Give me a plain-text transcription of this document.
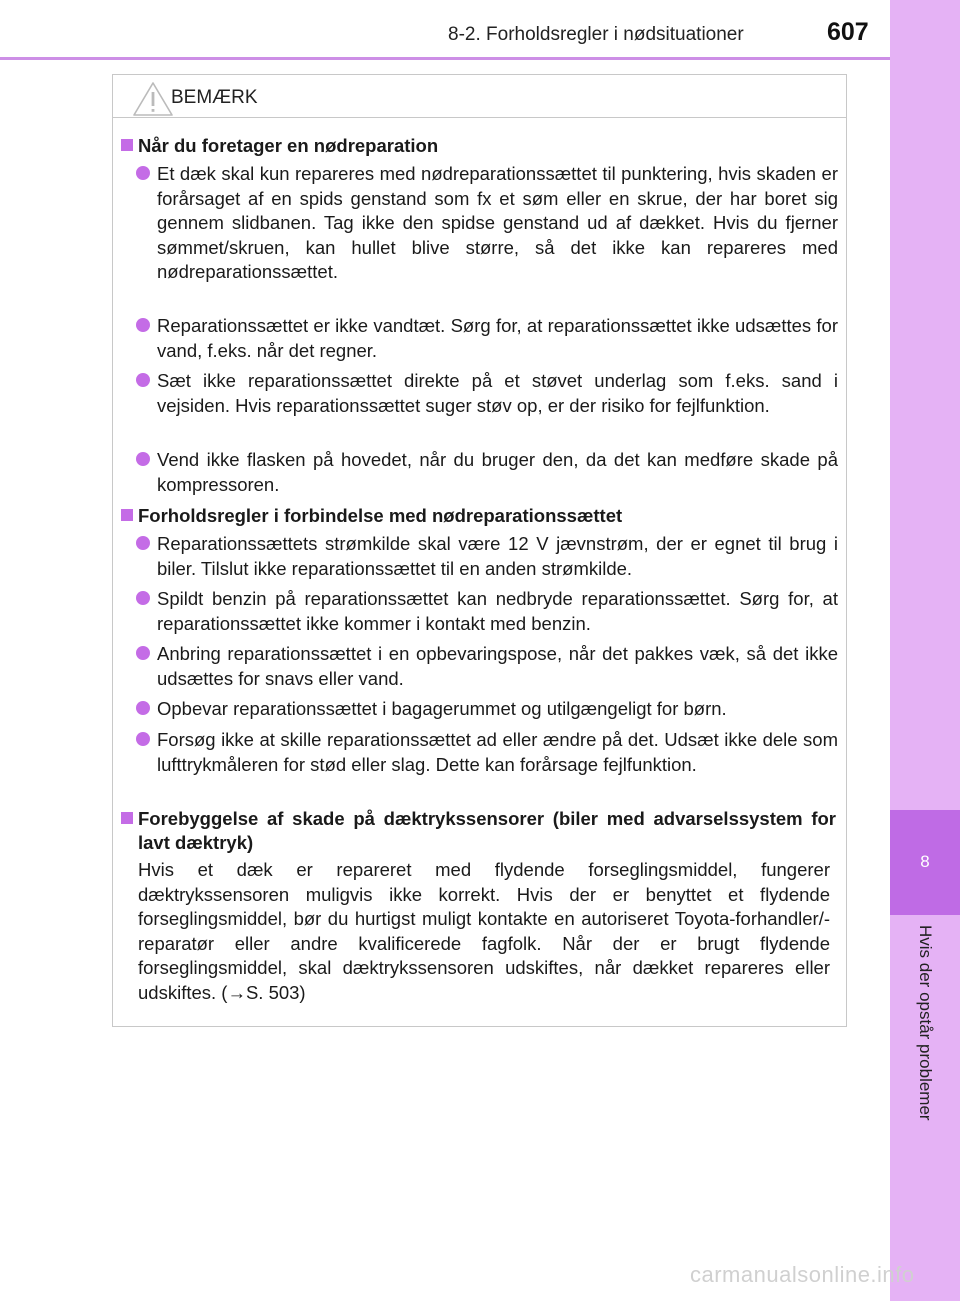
8-2. Forholdsregler i nødsituationer	607
8
Hvis der opstår problemer
BEMÆRK
Når du foretager en nødreparation
Et dæk skal kun repareres med nødreparationssættet til punktering, hvis skaden er forårsaget af en spids genstand som fx et søm eller en skrue, der har boret sig gennem slidbanen. Tag ikke den spidse genstand ud af dækket. Hvis du fjerner sømmet/skruen, kan hullet blive større, så det ikke kan repareres med nødreparationssættet.
Reparationssættet er ikke vandtæt. Sørg for, at reparationssættet ikke udsættes for vand, f.eks. når det regner.
Sæt ikke reparationssættet direkte på et støvet underlag som f.eks. sand i vejsiden. Hvis reparationssættet suger støv op, er der risiko for fejlfunktion.
Vend ikke flasken på hovedet, når du bruger den, da det kan medføre skade på kompressoren.
Forholdsregler i forbindelse med nødreparationssættet
Reparationssættets strømkilde skal være 12 V jævnstrøm, der er egnet til brug i biler. Tilslut ikke reparationssættet til en anden strømkilde.
Spildt benzin på reparationssættet kan nedbryde reparationssættet. Sørg for, at reparationssættet ikke kommer i kontakt med benzin.
Anbring reparationssættet i en opbevaringspose, når det pakkes væk, så det ikke udsættes for snavs eller vand.
Opbevar reparationssættet i bagagerummet og utilgængeligt for børn.
Forsøg ikke at skille reparationssættet ad eller ændre på det. Udsæt ikke dele som lufttrykmåleren for stød eller slag. Dette kan forårsage fejlfunktion.
Forebyggelse af skade på dæktrykssensorer (biler med advarselssystem for lavt dæktryk)
Hvis et dæk er repareret med flydende forseglingsmiddel, fungerer dæktrykssensoren muligvis ikke korrekt. Hvis der er benyttet et flydende forseglingsmiddel, bør du hurtigst muligt kontakte en autoriseret Toyota-forhandler/-reparatør eller andre kvalificerede fagfolk. Når der er brugt flydende forseglingsmiddel, skal dæktrykssensoren udskiftes, når dækket repareres eller udskiftes. (→S. 503)
carmanualsonline.info
